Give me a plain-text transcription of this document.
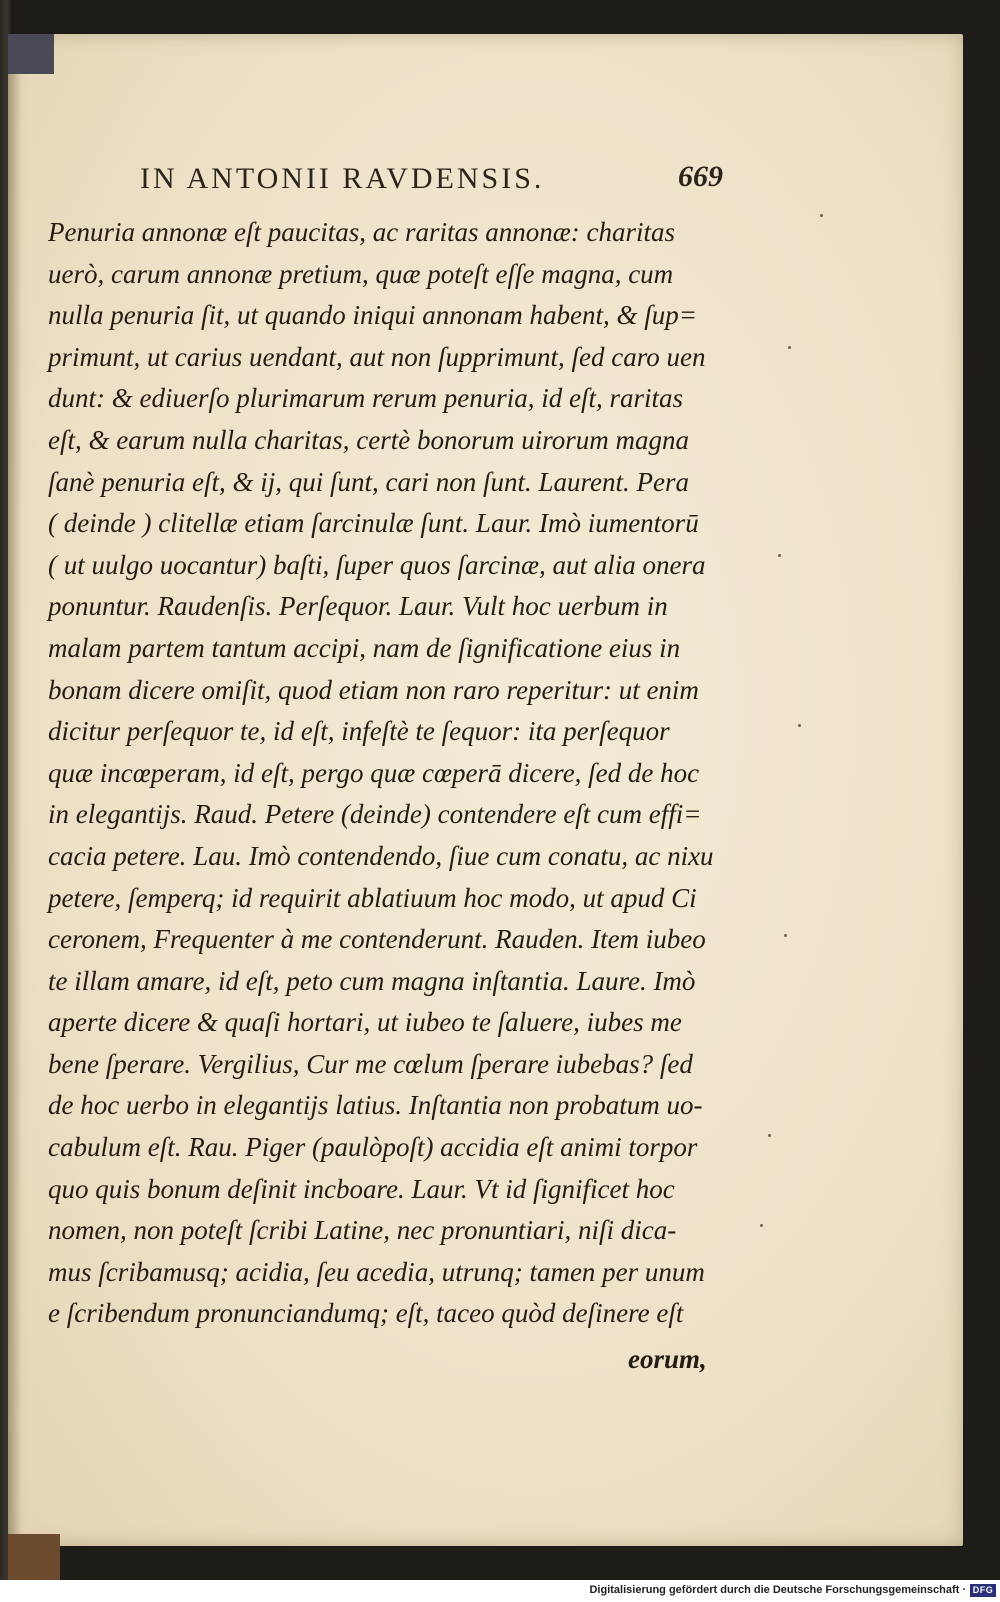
IN ANTONII RAVDENSIS.	669
Penuria annonæ eſt paucitas, ac raritas annonæ: charitas
uerò, carum annonæ pretium, quæ poteſt eſſe magna, cum
nulla penuria ſit, ut quando iniqui annonam habent, & ſup=
primunt, ut carius uendant, aut non ſupprimunt, ſed caro uen
dunt: & ediuerſo plurimarum rerum penuria, id eſt, raritas
eſt, & earum nulla charitas, certè bonorum uirorum magna
ſanè penuria eſt, & ij, qui ſunt, cari non ſunt. Laurent. Pera
( deinde ) clitellæ etiam ſarcinulæ ſunt. Laur. Imò iumentorū
( ut uulgo uocantur) baſti, ſuper quos ſarcinæ, aut alia onera
ponuntur. Raudenſis. Perſequor. Laur. Vult hoc uerbum in
malam partem tantum accipi, nam de ſignificatione eius in
bonam dicere omiſit, quod etiam non raro reperitur: ut enim
dicitur perſequor te, id eſt, infeſtè te ſequor: ita perſequor
quæ incœperam, id eſt, pergo quæ cœperā dicere, ſed de hoc
in elegantijs. Raud. Petere (deinde) contendere eſt cum effi=
cacia petere. Lau. Imò contendendo, ſiue cum conatu, ac nixu
petere, ſemperq; id requirit ablatiuum hoc modo, ut apud Ci
ceronem, Frequenter à me contenderunt. Rauden. Item iubeo
te illam amare, id eſt, peto cum magna inſtantia. Laure. Imò
aperte dicere & quaſi hortari, ut iubeo te ſaluere, iubes me
bene ſperare. Vergilius, Cur me cœlum ſperare iubebas? ſed
de hoc uerbo in elegantijs latius. Inſtantia non probatum uo-
cabulum eſt. Rau. Piger (paulòpoſt) accidia eſt animi torpor
quo quis bonum deſinit incboare. Laur. Vt id ſignificet hoc
nomen, non poteſt ſcribi Latine, nec pronuntiari, niſi dica-
mus ſcribamusq; acidia, ſeu acedia, utrunq; tamen per unum
e ſcribendum pronunciandumq; eſt, taceo quòd deſinere eſt
eorum,
Digitalisierung gefördert durch die Deutsche Forschungsgemeinschaft · DFG
